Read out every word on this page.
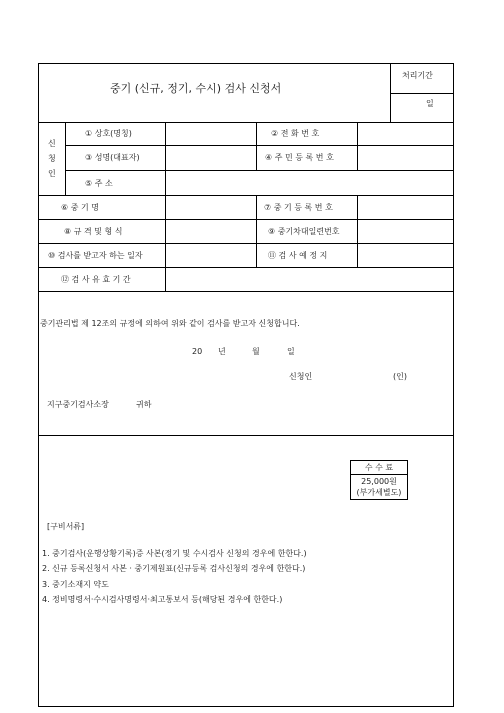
중기 (신규, 정기, 수시) 검사 신청서
처리기간
일
신
청
인
① 상호(명칭)	② 전 화 번 호
③ 성명(대표자)	④ 주 민 등 록 번 호
⑤ 주 소
⑥ 중 기 명	⑦ 중 기 등 록 번 호
⑧ 규 격 및 형 식	⑨ 중기차대일련번호
⑩ 검사를 받고자 하는 일자	⑪ 검 사 예 정 지
⑫ 검 사 유 효 기 간
중기관리법 제 12조의 규정에 의하여 위와 같이 검사를 받고자 신청합니다.
20 년	월	일
신청인	(인)
지구중기검사소장	귀하
수 수 료
25,000원
(부가세별도)
[구비서류]
1. 중기검사(운행상황기록)증 사본(정기 및 수시검사 신청의 경우에 한한다.)
2. 신규 등록신청서 사본 · 중기제원표(신규등록 검사신청의 경우에 한한다.)
3. 중기소재지 약도
4. 정비명령서·수시검사명령서·최고통보서 등(해당된 경우에 한한다.)
